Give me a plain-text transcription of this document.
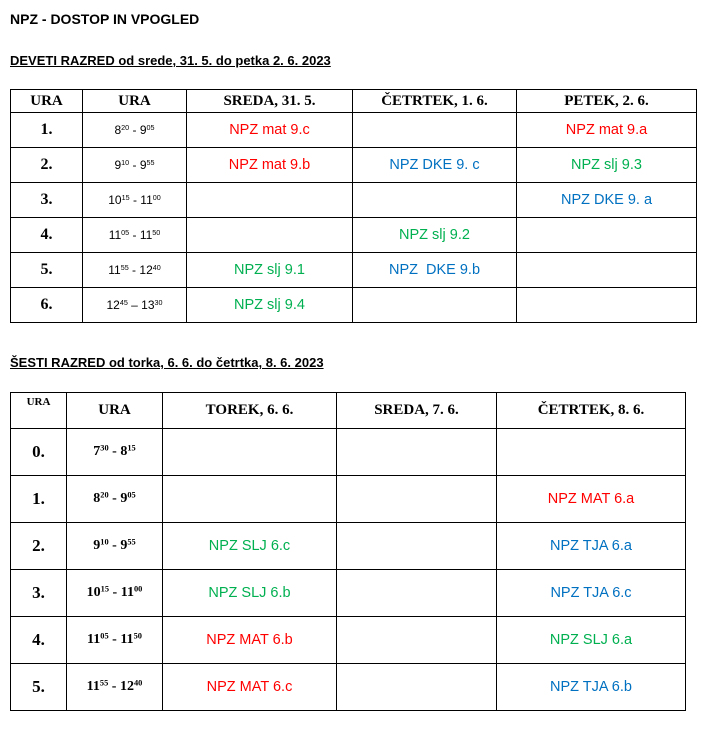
NPZ - DOSTOP IN VPOGLED
DEVETI RAZRED od srede, 31. 5. do petka 2. 6. 2023
URA	URA	SREDA, 31. 5.	ČETRTEK, 1. 6.	PETEK, 2. 6.
1.	$8^{20} - 9^{05}$	NPZ mat 9.c		NPZ mat 9.a
2.	$9^{10} - 9^{55}$	NPZ mat 9.b	NPZ DKE 9. c	NPZ slj 9.3
3.	$10^{15} - 11^{00}$			NPZ DKE 9. a
4.	$11^{05} - 11^{50}$		NPZ slj 9.2	
5.	$11^{55} - 12^{40}$	NPZ slj 9.1	NPZ  DKE 9.b	
6.	$12^{45} - 13^{30}$	NPZ slj 9.4		
ŠESTI RAZRED od torka, 6. 6. do četrtka, 8. 6. 2023
URA	URA	TOREK, 6. 6.	SREDA, 7. 6.	ČETRTEK, 8. 6.
0.	$7^{30} - 8^{15}$			
1.	$8^{20} - 9^{05}$			NPZ MAT 6.a
2.	$9^{10} - 9^{55}$	NPZ SLJ 6.c		NPZ TJA 6.a
3.	$10^{15} - 11^{00}$	NPZ SLJ 6.b		NPZ TJA 6.c
4.	$11^{05} - 11^{50}$	NPZ MAT 6.b		NPZ SLJ 6.a
5.	$11^{55} - 12^{40}$	NPZ MAT 6.c		NPZ TJA 6.b
